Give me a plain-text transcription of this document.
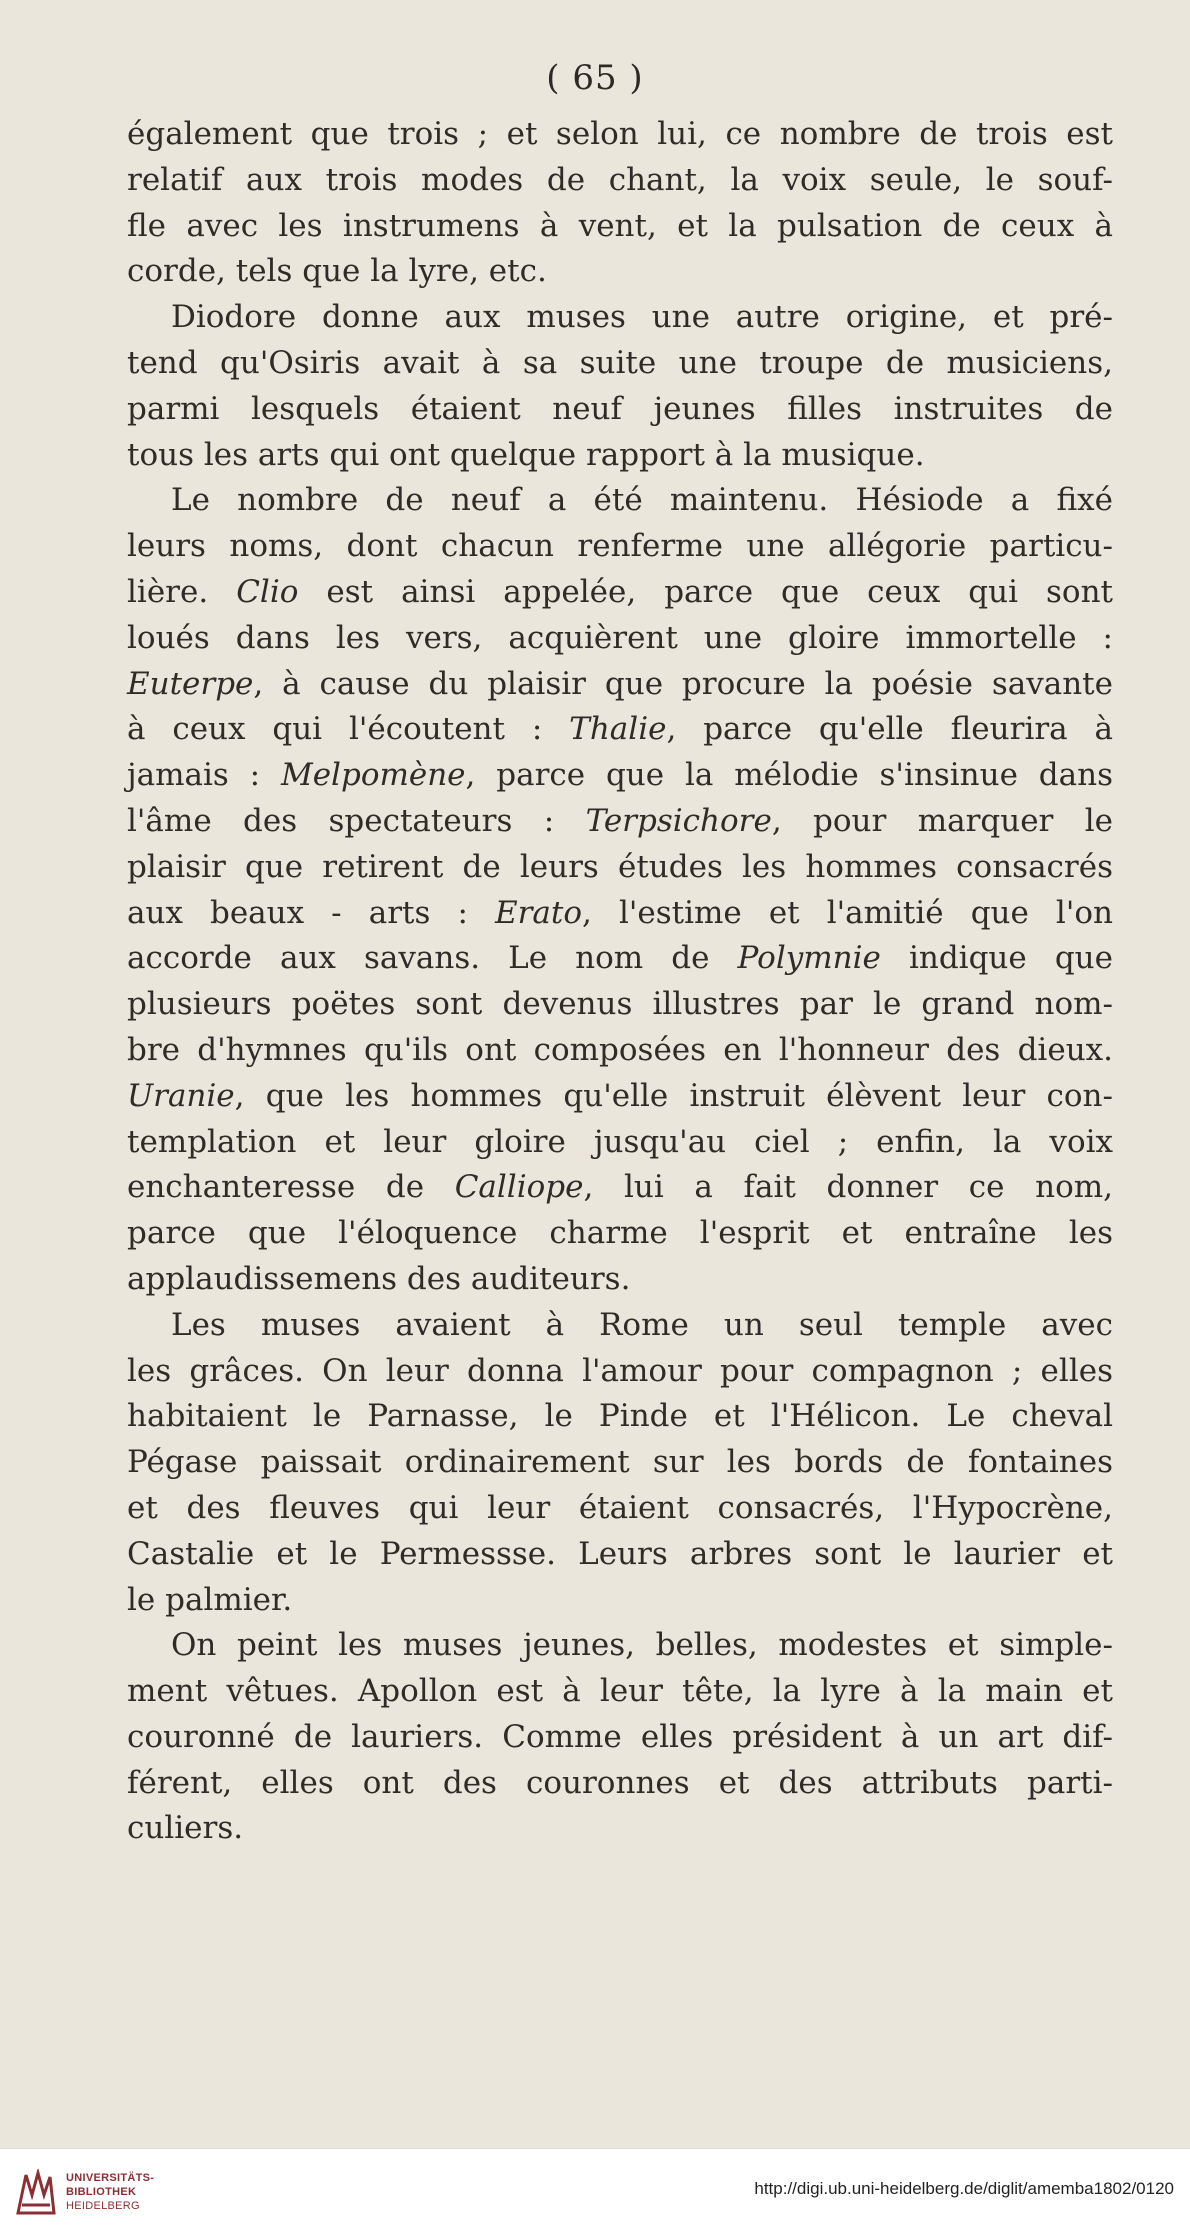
( 65 )
également que trois ; et selon lui, ce nombre de trois est
relatif aux trois modes de chant, la voix seule, le souf-
fle avec les instrumens à vent, et la pulsation de ceux à
corde, tels que la lyre, etc.
Diodore donne aux muses une autre origine, et pré-
tend qu'Osiris avait à sa suite une troupe de musiciens,
parmi lesquels étaient neuf jeunes filles instruites de
tous les arts qui ont quelque rapport à la musique.
Le nombre de neuf a été maintenu. Hésiode a fixé
leurs noms, dont chacun renferme une allégorie particu-
lière. Clio est ainsi appelée, parce que ceux qui sont
loués dans les vers, acquièrent une gloire immortelle :
Euterpe, à cause du plaisir que procure la poésie savante
à ceux qui l'écoutent : Thalie, parce qu'elle fleurira à
jamais : Melpomène, parce que la mélodie s'insinue dans
l'âme des spectateurs : Terpsichore, pour marquer le
plaisir que retirent de leurs études les hommes consacrés
aux beaux - arts : Erato, l'estime et l'amitié que l'on
accorde aux savans. Le nom de Polymnie indique que
plusieurs poëtes sont devenus illustres par le grand nom-
bre d'hymnes qu'ils ont composées en l'honneur des dieux.
Uranie, que les hommes qu'elle instruit élèvent leur con-
templation et leur gloire jusqu'au ciel ; enfin, la voix
enchanteresse de Calliope, lui a fait donner ce nom,
parce que l'éloquence charme l'esprit et entraîne les
applaudissemens des auditeurs.
Les muses avaient à Rome un seul temple avec
les grâces. On leur donna l'amour pour compagnon ; elles
habitaient le Parnasse, le Pinde et l'Hélicon. Le cheval
Pégase paissait ordinairement sur les bords de fontaines
et des fleuves qui leur étaient consacrés, l'Hypocrène,
Castalie et le Permessse. Leurs arbres sont le laurier et
le palmier.
On peint les muses jeunes, belles, modestes et simple-
ment vêtues. Apollon est à leur tête, la lyre à la main et
couronné de lauriers. Comme elles président à un art dif-
férent, elles ont des couronnes et des attributs parti-
culiers.
UNIVERSITÄTS-
BIBLIOTHEK
HEIDELBERG
http://digi.ub.uni-heidelberg.de/diglit/amemba1802/0120
